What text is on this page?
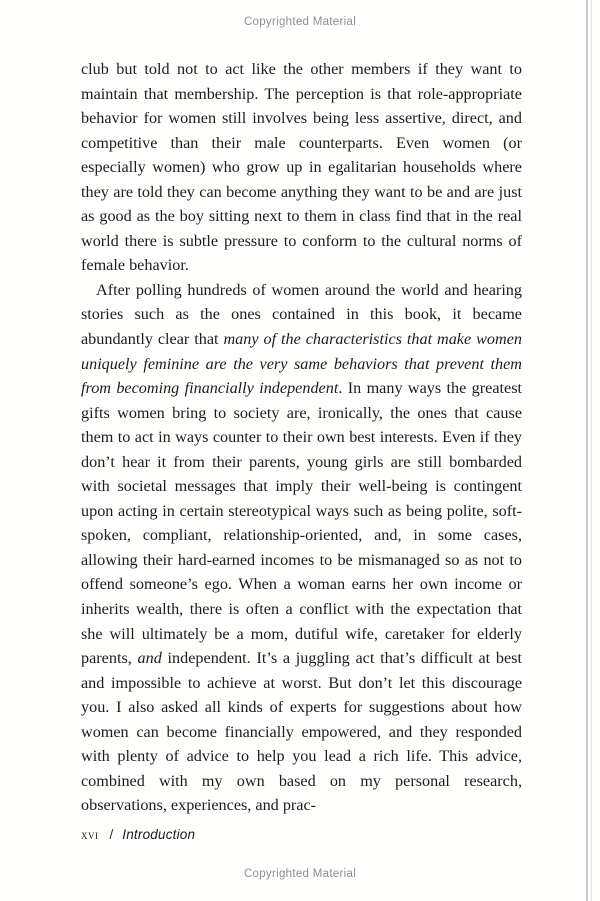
Copyrighted Material

club but told not to act like the other members if they want to maintain that membership. The perception is that role-appropriate behavior for women still involves being less assertive, direct, and competitive than their male counterparts. Even women (or especially women) who grow up in egalitarian households where they are told they can become anything they want to be and are just as good as the boy sitting next to them in class find that in the real world there is subtle pressure to conform to the cultural norms of female behavior.

After polling hundreds of women around the world and hearing stories such as the ones contained in this book, it became abundantly clear that many of the characteristics that make women uniquely feminine are the very same behaviors that prevent them from becoming financially independent. In many ways the greatest gifts women bring to society are, ironically, the ones that cause them to act in ways counter to their own best interests. Even if they don’t hear it from their parents, young girls are still bombarded with societal messages that imply their well-being is contingent upon acting in certain stereotypical ways such as being polite, soft-spoken, compliant, relationship-oriented, and, in some cases, allowing their hard-earned incomes to be mismanaged so as not to offend someone’s ego. When a woman earns her own income or inherits wealth, there is often a conflict with the expectation that she will ultimately be a mom, dutiful wife, caretaker for elderly parents, and independent. It’s a juggling act that’s difficult at best and impossible to achieve at worst. But don’t let this discourage you. I also asked all kinds of experts for suggestions about how women can become financially empowered, and they responded with plenty of advice to help you lead a rich life. This advice, combined with my own based on my personal research, observations, experiences, and prac-

xvi / Introduction
Copyrighted Material
